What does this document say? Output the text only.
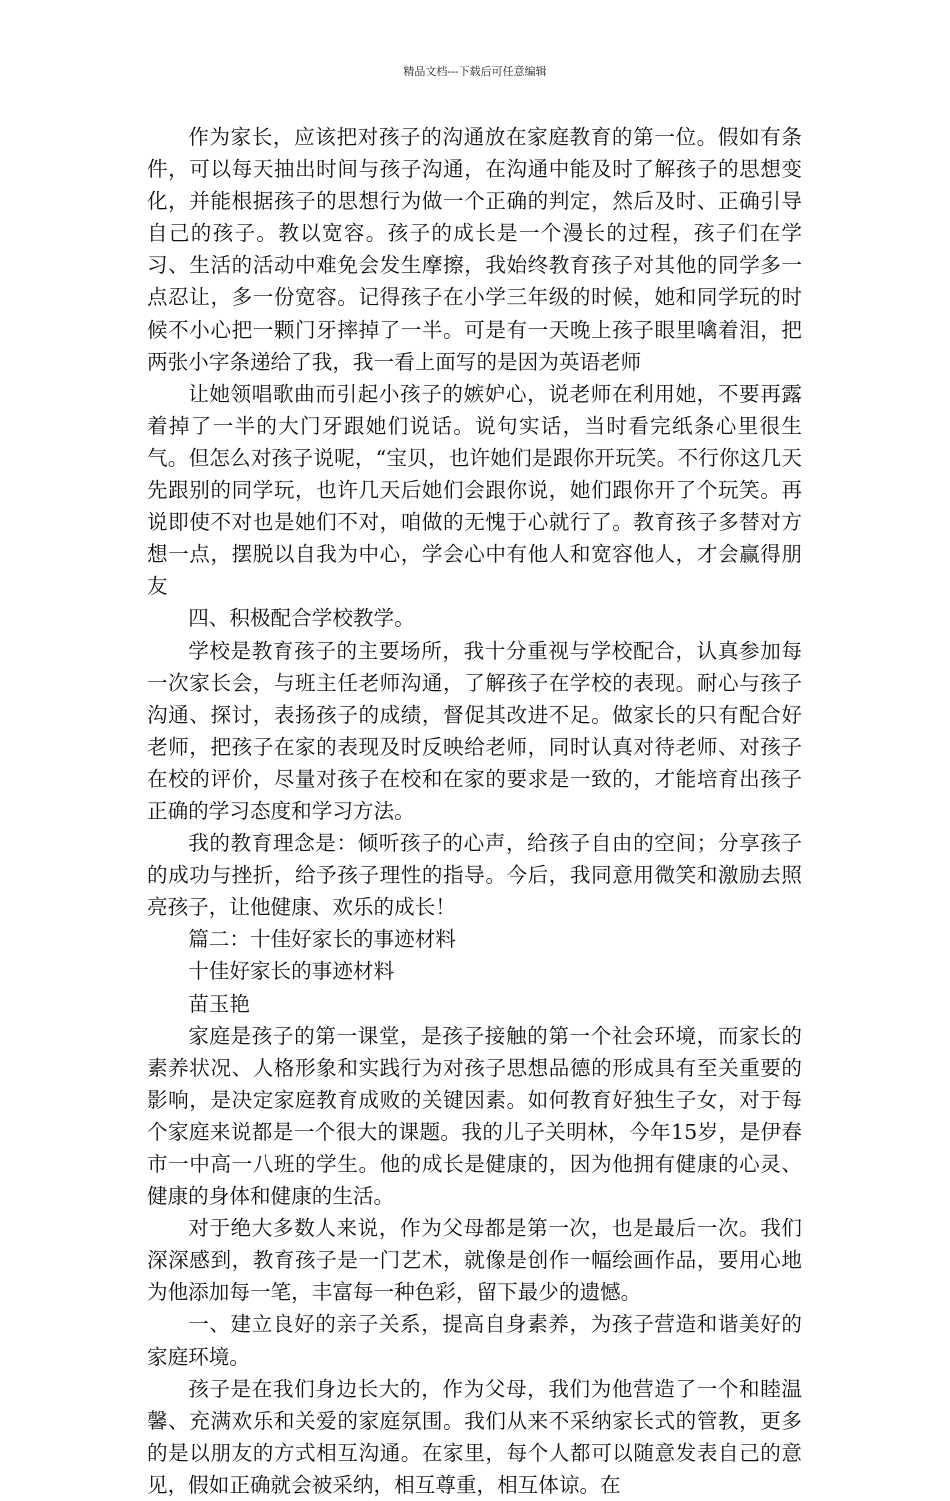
精品文档---下载后可任意编辑

作为家长，应该把对孩子的沟通放在家庭教育的第一位。假如有条件，可以每天抽出时间与孩子沟通，在沟通中能及时了解孩子的思想变化，并能根据孩子的思想行为做一个正确的判定，然后及时、正确引导自己的孩子。教以宽容。孩子的成长是一个漫长的过程，孩子们在学习、生活的活动中难免会发生摩擦，我始终教育孩子对其他的同学多一点忍让，多一份宽容。记得孩子在小学三年级的时候，她和同学玩的时候不小心把一颗门牙摔掉了一半。可是有一天晚上孩子眼里噙着泪，把两张小字条递给了我，我一看上面写的是因为英语老师

让她领唱歌曲而引起小孩子的嫉妒心，说老师在利用她，不要再露着掉了一半的大门牙跟她们说话。说句实话，当时看完纸条心里很生气。但怎么对孩子说呢，“宝贝，也许她们是跟你开玩笑。不行你这几天先跟别的同学玩，也许几天后她们会跟你说，她们跟你开了个玩笑。再说即使不对也是她们不对，咱做的无愧于心就行了。教育孩子多替对方想一点，摆脱以自我为中心，学会心中有他人和宽容他人，才会赢得朋友

四、积极配合学校教学。

学校是教育孩子的主要场所，我十分重视与学校配合，认真参加每一次家长会，与班主任老师沟通，了解孩子在学校的表现。耐心与孩子沟通、探讨，表扬孩子的成绩，督促其改进不足。做家长的只有配合好老师，把孩子在家的表现及时反映给老师，同时认真对待老师、对孩子在校的评价，尽量对孩子在校和在家的要求是一致的，才能培育出孩子正确的学习态度和学习方法。

我的教育理念是：倾听孩子的心声，给孩子自由的空间；分享孩子的成功与挫折，给予孩子理性的指导。今后，我同意用微笑和激励去照亮孩子，让他健康、欢乐的成长！

篇二：十佳好家长的事迹材料

十佳好家长的事迹材料

苗玉艳

家庭是孩子的第一课堂，是孩子接触的第一个社会环境，而家长的素养状况、人格形象和实践行为对孩子思想品德的形成具有至关重要的影响，是决定家庭教育成败的关键因素。如何教育好独生子女，对于每个家庭来说都是一个很大的课题。我的儿子关明林，今年15岁，是伊春市一中高一八班的学生。他的成长是健康的，因为他拥有健康的心灵、健康的身体和健康的生活。

对于绝大多数人来说，作为父母都是第一次，也是最后一次。我们深深感到，教育孩子是一门艺术，就像是创作一幅绘画作品，要用心地为他添加每一笔，丰富每一种色彩，留下最少的遗憾。

一、建立良好的亲子关系，提高自身素养，为孩子营造和谐美好的家庭环境。

孩子是在我们身边长大的，作为父母，我们为他营造了一个和睦温馨、充满欢乐和关爱的家庭氛围。我们从来不采纳家长式的管教，更多的是以朋友的方式相互沟通。在家里，每个人都可以随意发表自己的意见，假如正确就会被采纳，相互尊重，相互体谅。在
